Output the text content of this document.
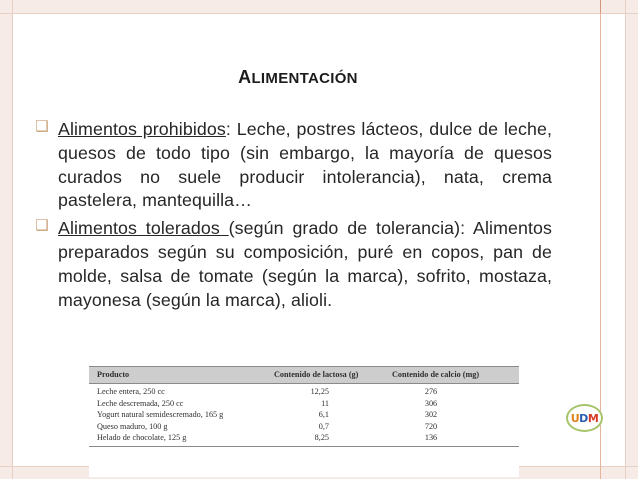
ALIMENTACIÓN
❑ Alimentos prohibidos: Leche, postres lácteos, dulce de leche, quesos de todo tipo (sin embargo, la mayoría de quesos curados no suele producir intolerancia), nata, crema pastelera, mantequilla…
❑ Alimentos tolerados (según grado de tolerancia): Alimentos preparados según su composición, puré en copos, pan de molde, salsa de tomate (según la marca), sofrito, mostaza, mayonesa (según la marca), alioli.
Producto	Contenido de lactosa (g)	Contenido de calcio (mg)
Leche entera, 250 cc	12,25	276
Leche descremada, 250 cc	11	306
Yogurt natural semidescremado, 165 g	6,1	302
Queso maduro, 100 g	0,7	720
Helado de chocolate, 125 g	8,25	136
U D M
